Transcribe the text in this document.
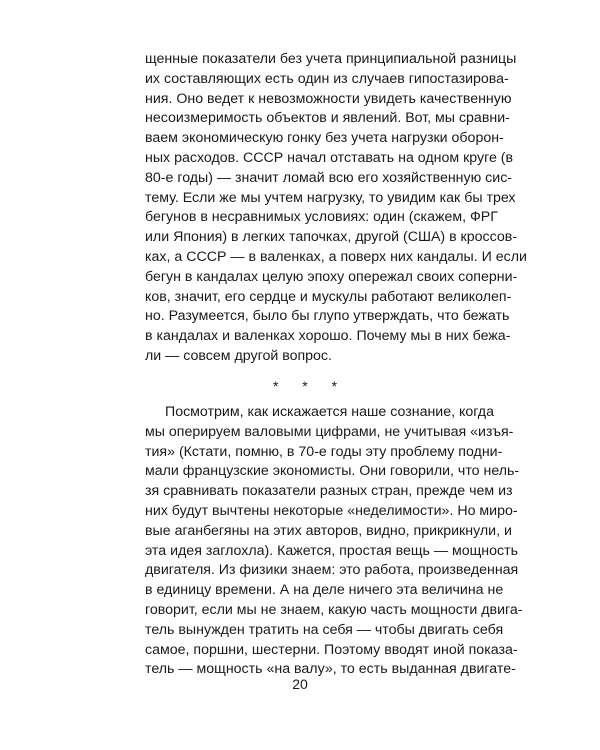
щенные показатели без учета принципиальной разницы
их составляющих есть один из случаев гипостазирова-
ния. Оно ведет к невозможности увидеть качественную
несоизмеримость объектов и явлений. Вот, мы сравни-
ваем экономическую гонку без учета нагрузки оборон-
ных расходов. СССР начал отставать на одном круге (в
80-е годы) — значит ломай всю его хозяйственную сис-
тему. Если же мы учтем нагрузку, то увидим как бы трех
бегунов в несравнимых условиях: один (скажем, ФРГ
или Япония) в легких тапочках, другой (США) в кроссов-
ках, а СССР — в валенках, а поверх них кандалы. И если
бегун в кандалах целую эпоху опережал своих соперни-
ков, значит, его сердце и мускулы работают великолеп-
но. Разумеется, было бы глупо утверждать, что бежать
в кандалах и валенках хорошо. Почему мы в них бежа-
ли — совсем другой вопрос.
* * *
Посмотрим, как искажается наше сознание, когда
мы оперируем валовыми цифрами, не учитывая «изъя-
тия» (Кстати, помню, в 70-е годы эту проблему подни-
мали французские экономисты. Они говорили, что нель-
зя сравнивать показатели разных стран, прежде чем из
них будут вычтены некоторые «неделимости». Но миро-
вые аганбегяны на этих авторов, видно, прикрикнули, и
эта идея заглохла). Кажется, простая вещь — мощность
двигателя. Из физики знаем: это работа, произведенная
в единицу времени. А на деле ничего эта величина не
говорит, если мы не знаем, какую часть мощности двига-
тель вынужден тратить на себя — чтобы двигать себя
самое, поршни, шестерни. Поэтому вводят иной показа-
тель — мощность «на валу», то есть выданная двигате-
20
